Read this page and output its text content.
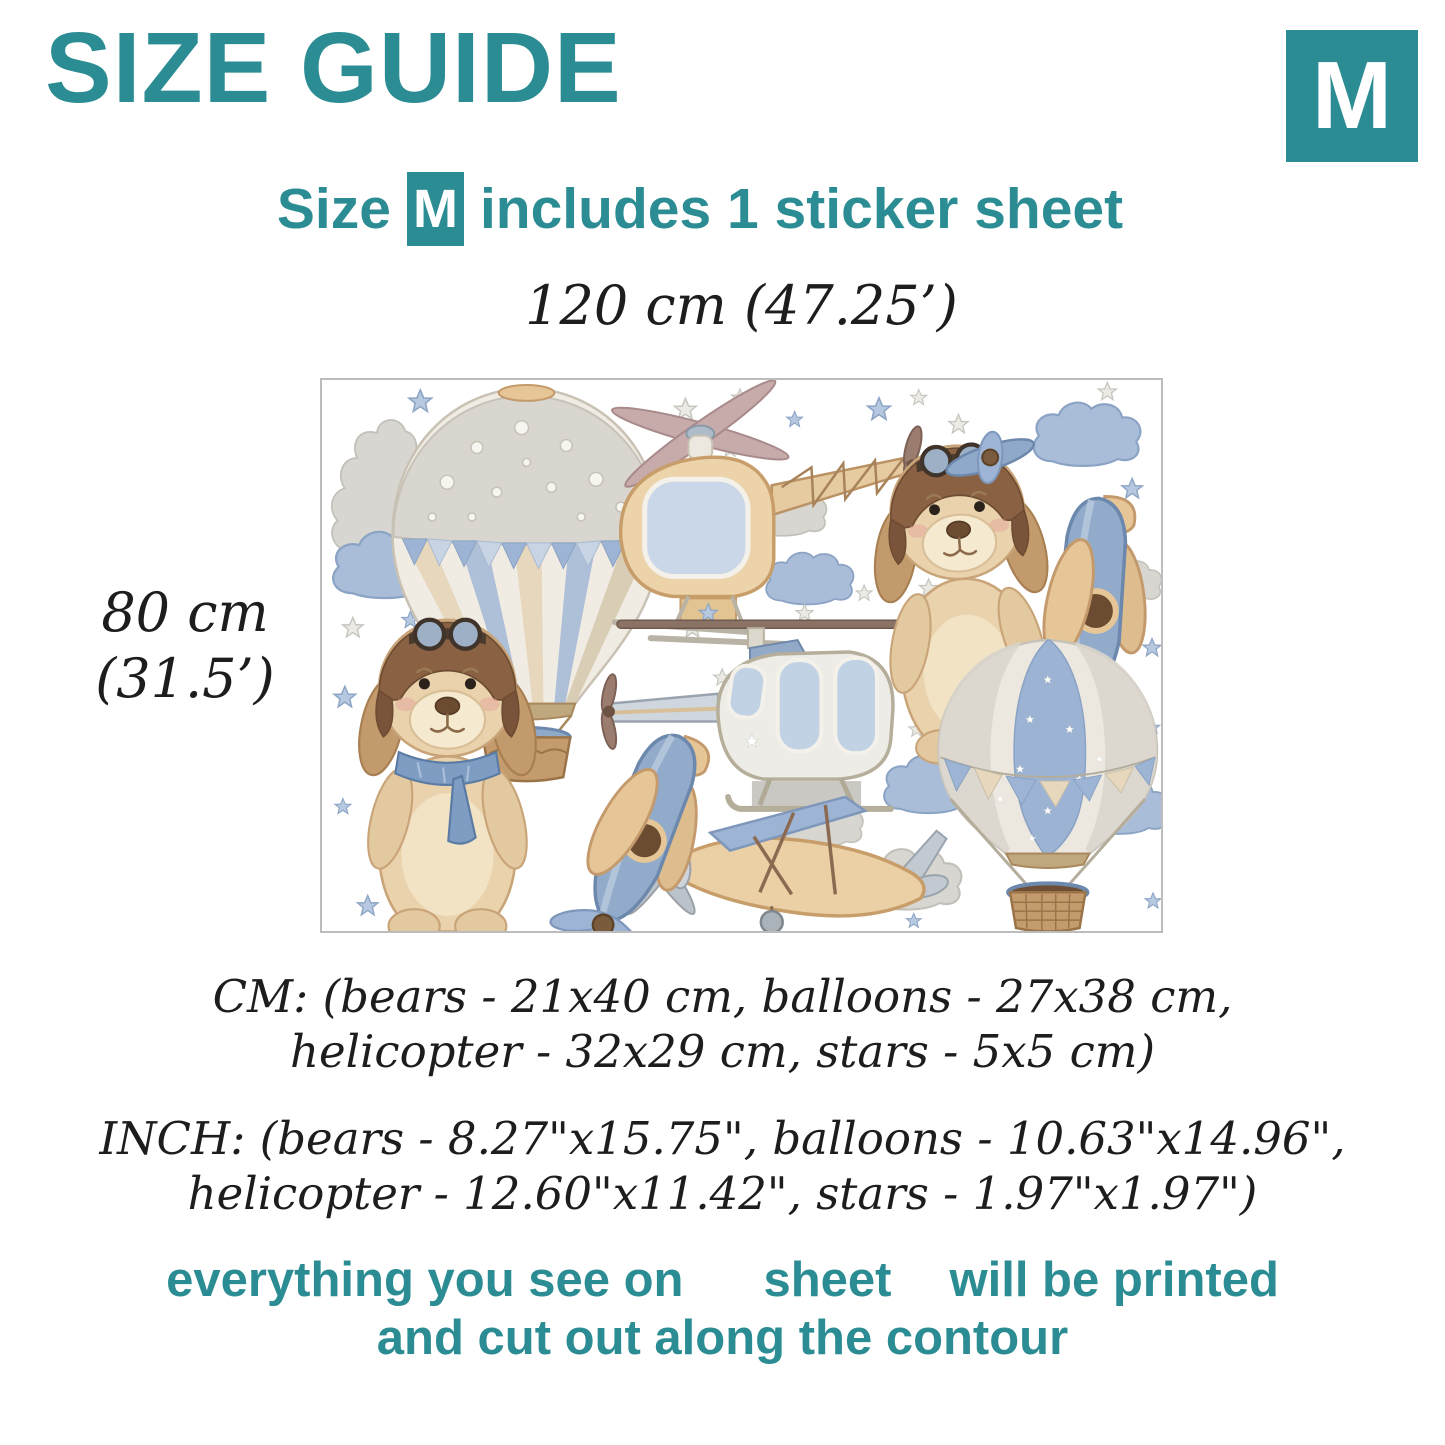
SIZE GUIDE	M
Size M includes 1 sticker sheet
120 cm (47.25’)
80 cm
(31.5’)
CM: (bears - 21x40 cm, balloons - 27x38 cm,
helicopter - 32x29 cm, stars - 5x5 cm)
INCH: (bears - 8.27"x15.75", balloons - 10.63"x14.96",
helicopter - 12.60"x11.42", stars - 1.97"x1.97")
everything you see on sheet will be printed
and cut out along the contour
